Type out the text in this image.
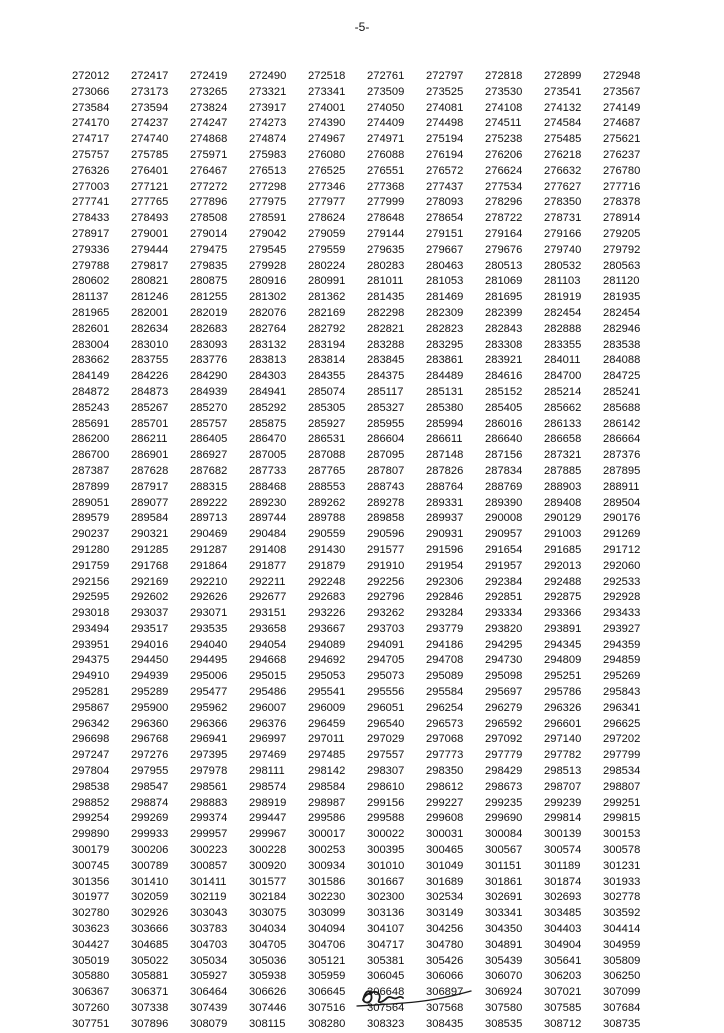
-5-
272012	272417	272419	272490	272518	272761	272797	272818	272899	272948
273066	273173	273265	273321	273341	273509	273525	273530	273541	273567
273584	273594	273824	273917	274001	274050	274081	274108	274132	274149
274170	274237	274247	274273	274390	274409	274498	274511	274584	274687
274717	274740	274868	274874	274967	274971	275194	275238	275485	275621
275757	275785	275971	275983	276080	276088	276194	276206	276218	276237
276326	276401	276467	276513	276525	276551	276572	276624	276632	276780
277003	277121	277272	277298	277346	277368	277437	277534	277627	277716
277741	277765	277896	277975	277977	277999	278093	278296	278350	278378
278433	278493	278508	278591	278624	278648	278654	278722	278731	278914
278917	279001	279014	279042	279059	279144	279151	279164	279166	279205
279336	279444	279475	279545	279559	279635	279667	279676	279740	279792
279788	279817	279835	279928	280224	280283	280463	280513	280532	280563
280602	280821	280875	280916	280991	281011	281053	281069	281103	281120
281137	281246	281255	281302	281362	281435	281469	281695	281919	281935
281965	282001	282019	282076	282169	282298	282309	282399	282454	282454
282601	282634	282683	282764	282792	282821	282823	282843	282888	282946
283004	283010	283093	283132	283194	283288	283295	283308	283355	283538
283662	283755	283776	283813	283814	283845	283861	283921	284011	284088
284149	284226	284290	284303	284355	284375	284489	284616	284700	284725
284872	284873	284939	284941	285074	285117	285131	285152	285214	285241
285243	285267	285270	285292	285305	285327	285380	285405	285662	285688
285691	285701	285757	285875	285927	285955	285994	286016	286133	286142
286200	286211	286405	286470	286531	286604	286611	286640	286658	286664
286700	286901	286927	287005	287088	287095	287148	287156	287321	287376
287387	287628	287682	287733	287765	287807	287826	287834	287885	287895
287899	287917	288315	288468	288553	288743	288764	288769	288903	288911
289051	289077	289222	289230	289262	289278	289331	289390	289408	289504
289579	289584	289713	289744	289788	289858	289937	290008	290129	290176
290237	290321	290469	290484	290559	290596	290931	290957	291003	291269
291280	291285	291287	291408	291430	291577	291596	291654	291685	291712
291759	291768	291864	291877	291879	291910	291954	291957	292013	292060
292156	292169	292210	292211	292248	292256	292306	292384	292488	292533
292595	292602	292626	292677	292683	292796	292846	292851	292875	292928
293018	293037	293071	293151	293226	293262	293284	293334	293366	293433
293494	293517	293535	293658	293667	293703	293779	293820	293891	293927
293951	294016	294040	294054	294089	294091	294186	294295	294345	294359
294375	294450	294495	294668	294692	294705	294708	294730	294809	294859
294910	294939	295006	295015	295053	295073	295089	295098	295251	295269
295281	295289	295477	295486	295541	295556	295584	295697	295786	295843
295867	295900	295962	296007	296009	296051	296254	296279	296326	296341
296342	296360	296366	296376	296459	296540	296573	296592	296601	296625
296698	296768	296941	296997	297011	297029	297068	297092	297140	297202
297247	297276	297395	297469	297485	297557	297773	297779	297782	297799
297804	297955	297978	298111	298142	298307	298350	298429	298513	298534
298538	298547	298561	298574	298584	298610	298612	298673	298707	298807
298852	298874	298883	298919	298987	299156	299227	299235	299239	299251
299254	299269	299374	299447	299586	299588	299608	299690	299814	299815
299890	299933	299957	299967	300017	300022	300031	300084	300139	300153
300179	300206	300223	300228	300253	300395	300465	300567	300574	300578
300745	300789	300857	300920	300934	301010	301049	301151	301189	301231
301356	301410	301411	301577	301586	301667	301689	301861	301874	301933
301977	302059	302119	302184	302230	302300	302534	302691	302693	302778
302780	302926	303043	303075	303099	303136	303149	303341	303485	303592
303623	303666	303783	304034	304094	304107	304256	304350	304403	304414
304427	304685	304703	304705	304706	304717	304780	304891	304904	304959
305019	305022	305034	305036	305121	305381	305426	305439	305641	305809
305880	305881	305927	305938	305959	306045	306066	306070	306203	306250
306367	306371	306464	306626	306645	306648	306897	306924	307021	307099
307260	307338	307439	307446	307516	307564	307568	307580	307585	307684
307751	307896	308079	308115	308280	308323	308435	308535	308712	308735
